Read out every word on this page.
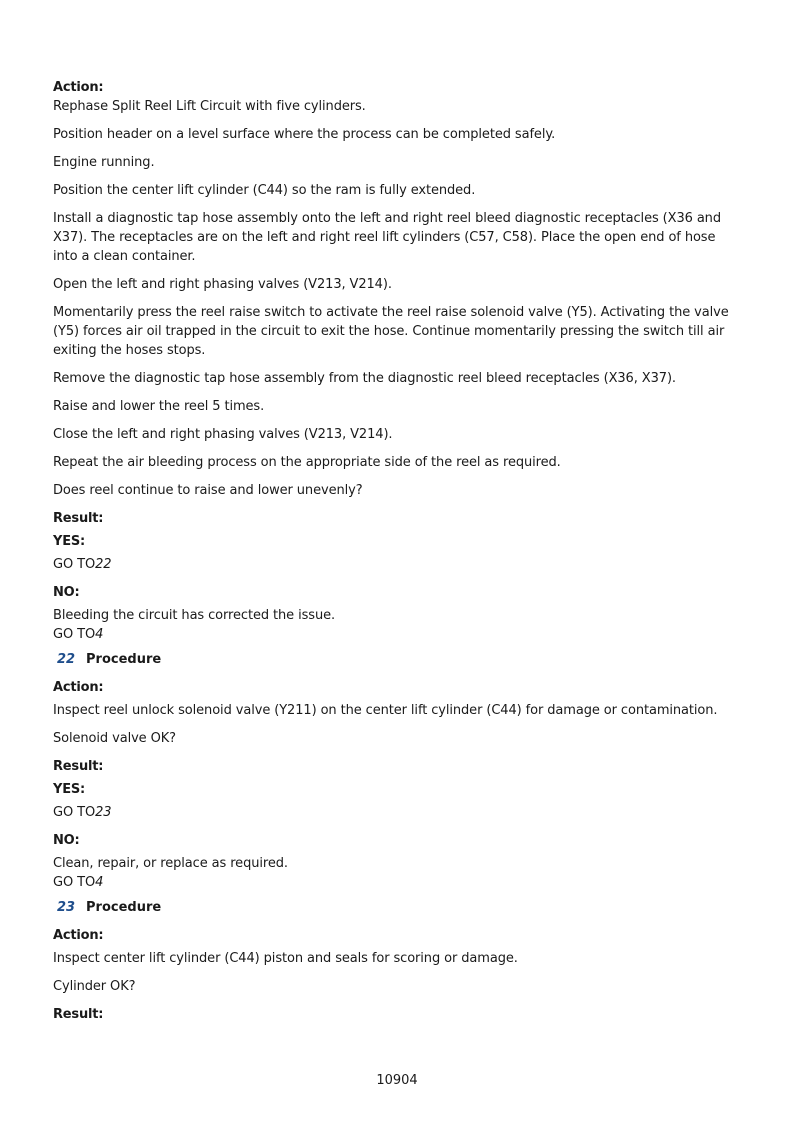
Action:

Rephase Split Reel Lift Circuit with five cylinders.

Position header on a level surface where the process can be completed safely.

Engine running.

Position the center lift cylinder (C44) so the ram is fully extended.

Install a diagnostic tap hose assembly onto the left and right reel bleed diagnostic receptacles (X36 and X37). The receptacles are on the left and right reel lift cylinders (C57, C58). Place the open end of hose into a clean container.

Open the left and right phasing valves (V213, V214).

Momentarily press the reel raise switch to activate the reel raise solenoid valve (Y5). Activating the valve (Y5) forces air oil trapped in the circuit to exit the hose. Continue momentarily pressing the switch till air exiting the hoses stops.

Remove the diagnostic tap hose assembly from the diagnostic reel bleed receptacles (X36, X37).

Raise and lower the reel 5 times.

Close the left and right phasing valves (V213, V214).

Repeat the air bleeding process on the appropriate side of the reel as required.

Does reel continue to raise and lower unevenly?

Result:

YES:

GO TO22

NO:

Bleeding the circuit has corrected the issue.

GO TO4

22 Procedure

Action:

Inspect reel unlock solenoid valve (Y211) on the center lift cylinder (C44) for damage or contamination.

Solenoid valve OK?

Result:

YES:

GO TO23

NO:

Clean, repair, or replace as required.

GO TO4

23 Procedure

Action:

Inspect center lift cylinder (C44) piston and seals for scoring or damage.

Cylinder OK?

Result:

10904
